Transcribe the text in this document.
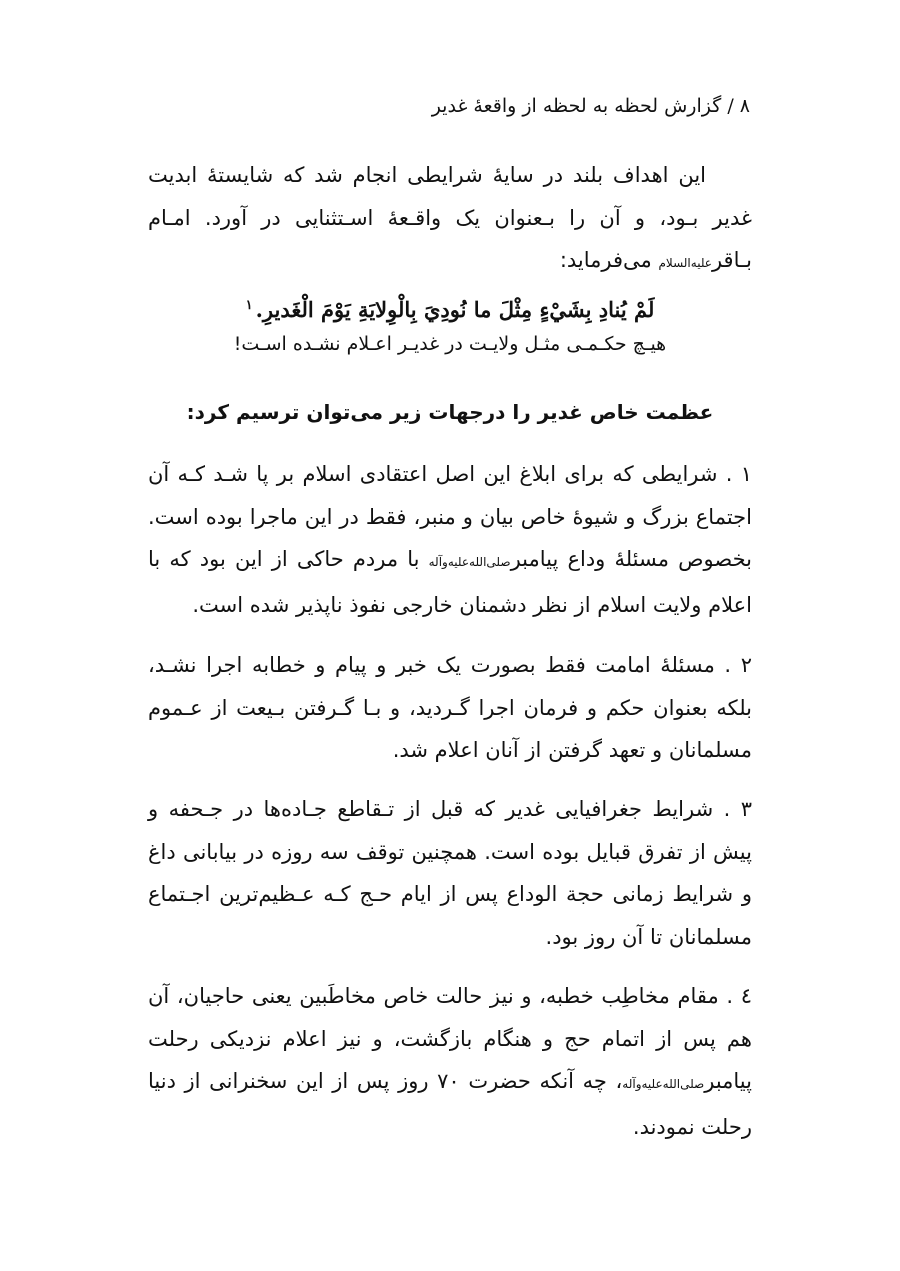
۸ / گزارش لحظه به لحظه از واقعهٔ غدیر
این اهداف بلند در سایهٔ شرایطی انجام شد که شایستهٔ ابدیت غدیر بـود، و آن را بـعنوان یک واقـعهٔ اسـتثنایی در آورد. امـام بـاقرعلیه‌السلام می‌فرماید:
لَمْ يُنادِ بِشَيْءٍ مِثْلَ ما نُودِيَ بِالْوِلايَةِ يَوْمَ الْغَديرِ.$^۱$
هیـچ حکـمـی مثـل ولایـت در غدیـر اعـلام نشـده اسـت!
عظمت خاص غدیر را درجهات زیر می‌توان ترسیم کرد:
۱ . شرایطی که برای ابلاغ این اصل اعتقادی اسلام بر پا شـد کـه آن اجتماع بزرگ و شیوهٔ خاص بیان و منبر، فقط در این ماجرا بوده است. بخصوص مسئلهٔ وداع پیامبرصلی‌الله‌علیه‌وآله با مردم حاکی از این بود که با اعلام ولایت اسلام از نظر دشمنان خارجی نفوذ ناپذیر شده است.
۲ . مسئلهٔ امامت فقط بصورت یک خبر و پیام و خطابه اجرا نشـد، بلکه بعنوان حکم و فرمان اجرا گـردید، و بـا گـرفتن بـیعت از عـموم مسلمانان و تعهد گرفتن از آنان اعلام شد.
۳ . شرایط جغرافیایی غدیر که قبل از تـقاطع جـاده‌ها در جـحفه و پیش از تفرق قبایل بوده است. همچنین توقف سه روزه در بیابانی داغ و شرایط زمانی حجة الوداع پس از ایام حـج کـه عـظیم‌ترین اجـتماع مسلمانان تا آن روز بود.
٤ . مقام مخاطِب خطبه، و نیز حالت خاص مخاطَبین یعنی حاجیان، آن هم پس از اتمام حج و هنگام بازگشت، و نیز اعلام نزدیکی رحلت پیامبرصلی‌الله‌علیه‌وآله، چه آنکه حضرت ۷۰ روز پس از این سخنرانی از دنیا رحلت نمودند.
